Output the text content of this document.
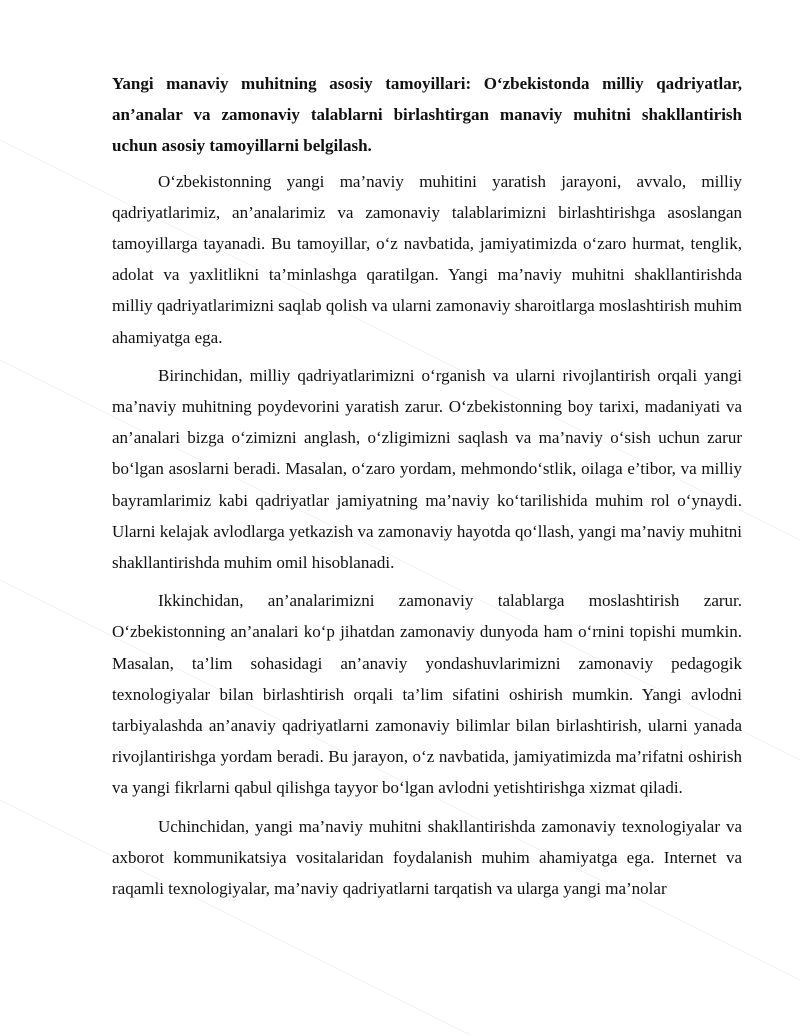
Yangi manaviy muhitning asosiy tamoyillari: O‘zbekistonda milliy qadriyatlar, an’analar va zamonaviy talablarni birlashtirgan manaviy muhitni shakllantirish uchun asosiy tamoyillarni belgilash.

O‘zbekistonning yangi ma’naviy muhitini yaratish jarayoni, avvalo, milliy qadriyatlarimiz, an’analarimiz va zamonaviy talablarimizni birlashtirishga asoslangan tamoyillarga tayanadi. Bu tamoyillar, o‘z navbatida, jamiyatimizda o‘zaro hurmat, tenglik, adolat va yaxlitlikni ta’minlashga qaratilgan. Yangi ma’naviy muhitni shakllantirishda milliy qadriyatlarimizni saqlab qolish va ularni zamonaviy sharoitlarga moslashtirish muhim ahamiyatga ega.

Birinchidan, milliy qadriyatlarimizni o‘rganish va ularni rivojlantirish orqali yangi ma’naviy muhitning poydevorini yaratish zarur. O‘zbekistonning boy tarixi, madaniyati va an’analari bizga o‘zimizni anglash, o‘zligimizni saqlash va ma’naviy o‘sish uchun zarur bo‘lgan asoslarni beradi. Masalan, o‘zaro yordam, mehmondo‘stlik, oilaga e’tibor, va milliy bayramlarimiz kabi qadriyatlar jamiyatning ma’naviy ko‘tarilishida muhim rol o‘ynaydi. Ularni kelajak avlodlarga yetkazish va zamonaviy hayotda qo‘llash, yangi ma’naviy muhitni shakllantirishda muhim omil hisoblanadi.

Ikkinchidan, an’analarimizni zamonaviy talablarga moslashtirish zarur. O‘zbekistonning an’analari ko‘p jihatdan zamonaviy dunyoda ham o‘rnini topishi mumkin. Masalan, ta’lim sohasidagi an’anaviy yondashuvlarimizni zamonaviy pedagogik texnologiyalar bilan birlashtirish orqali ta’lim sifatini oshirish mumkin. Yangi avlodni tarbiyalashda an’anaviy qadriyatlarni zamonaviy bilimlar bilan birlashtirish, ularni yanada rivojlantirishga yordam beradi. Bu jarayon, o‘z navbatida, jamiyatimizda ma’rifatni oshirish va yangi fikrlarni qabul qilishga tayyor bo‘lgan avlodni yetishtirishga xizmat qiladi.

Uchinchidan, yangi ma’naviy muhitni shakllantirishda zamonaviy texnologiyalar va axborot kommunikatsiya vositalaridan foydalanish muhim ahamiyatga ega. Internet va raqamli texnologiyalar, ma’naviy qadriyatlarni tarqatish va ularga yangi ma’nolar
